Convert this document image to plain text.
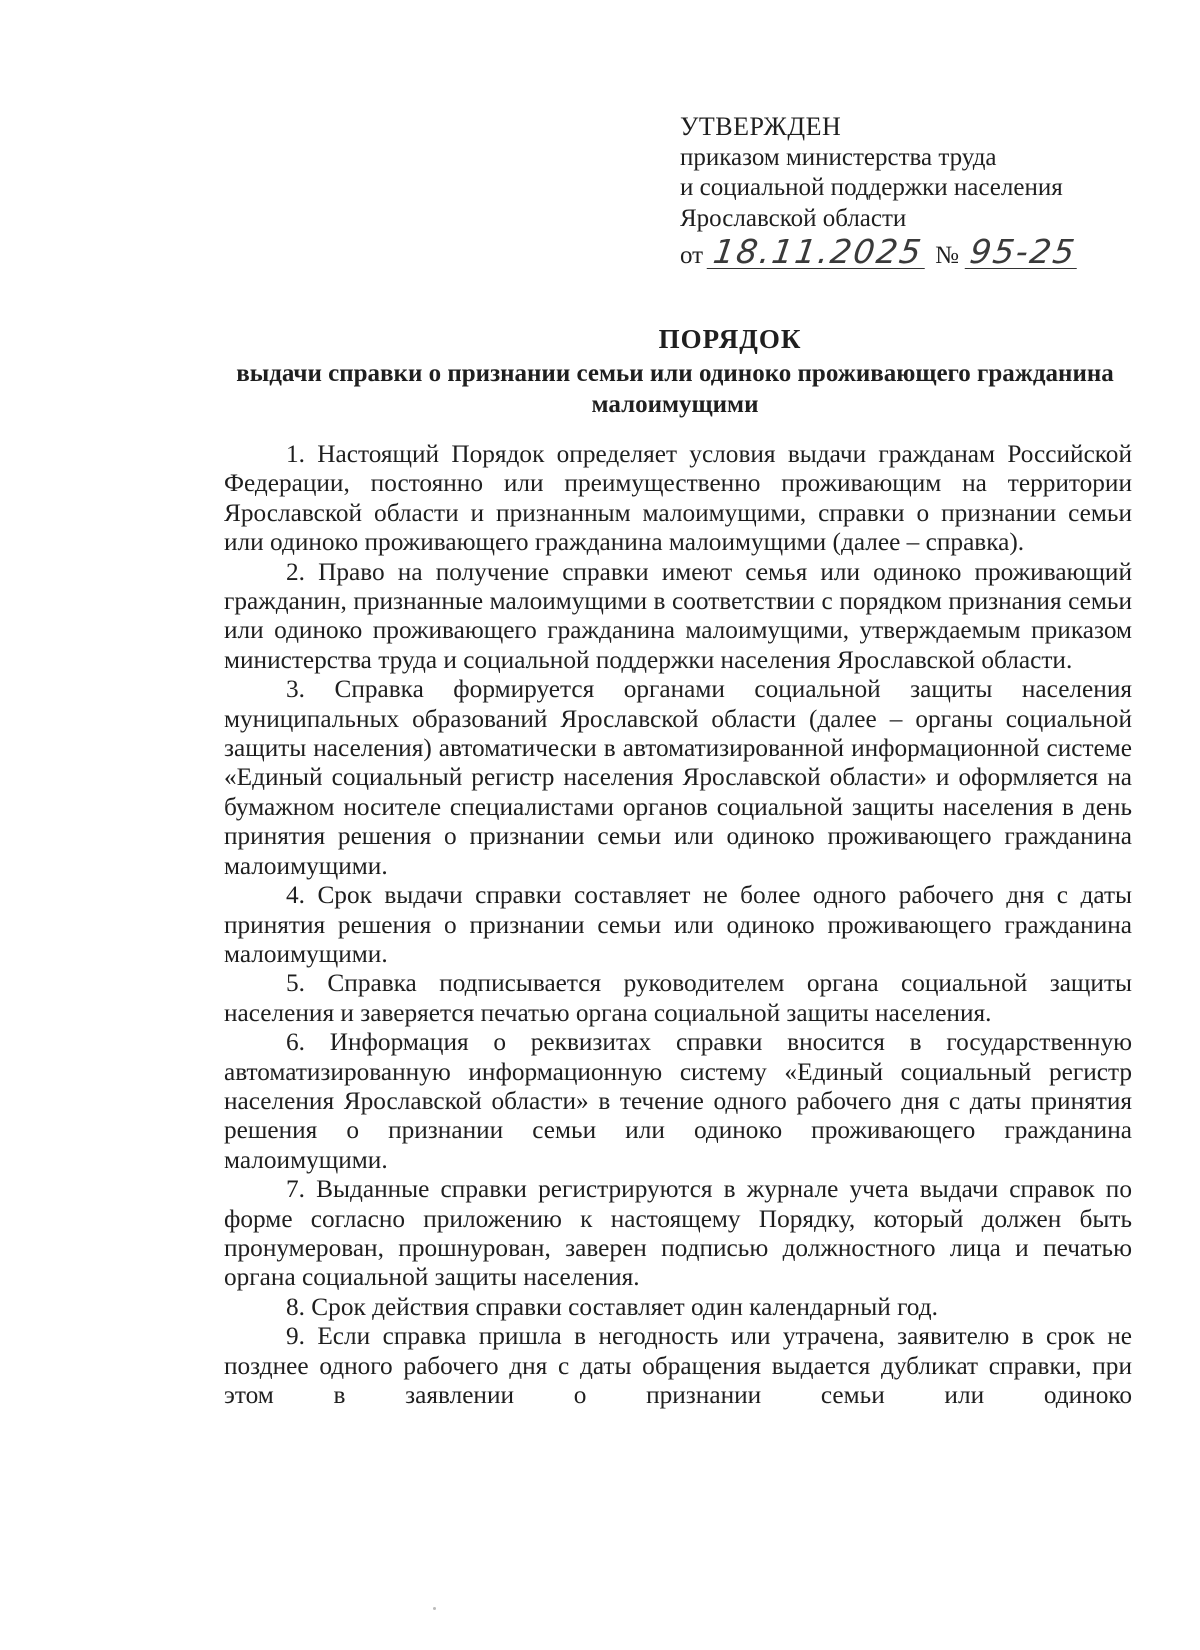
УТВЕРЖДЕН
приказом министерства труда
и социальной поддержки населения
Ярославской области
от 18.11.2025 № 95-25
ПОРЯДОК
выдачи справки о признании семьи или одиноко проживающего гражданина малоимущими

1. Настоящий Порядок определяет условия выдачи гражданам Российской Федерации, постоянно или преимущественно проживающим на территории Ярославской области и признанным малоимущими, справки о признании семьи или одиноко проживающего гражданина малоимущими (далее – справка).

2. Право на получение справки имеют семья или одиноко проживающий гражданин, признанные малоимущими в соответствии с порядком признания семьи или одиноко проживающего гражданина малоимущими, утверждаемым приказом министерства труда и социальной поддержки населения Ярославской области.

3. Справка формируется органами социальной защиты населения муниципальных образований Ярославской области (далее – органы социальной защиты населения) автоматически в автоматизированной информационной системе «Единый социальный регистр населения Ярославской области» и оформляется на бумажном носителе специалистами органов социальной защиты населения в день принятия решения о признании семьи или одиноко проживающего гражданина малоимущими.

4. Срок выдачи справки составляет не более одного рабочего дня с даты принятия решения о признании семьи или одиноко проживающего гражданина малоимущими.

5. Справка подписывается руководителем органа социальной защиты населения и заверяется печатью органа социальной защиты населения.

6. Информация о реквизитах справки вносится в государственную автоматизированную информационную систему «Единый социальный регистр населения Ярославской области» в течение одного рабочего дня с даты принятия решения о признании семьи или одиноко проживающего гражданина малоимущими.

7. Выданные справки регистрируются в журнале учета выдачи справок по форме согласно приложению к настоящему Порядку, который должен быть пронумерован, прошнурован, заверен подписью должностного лица и печатью органа социальной защиты населения.

8. Срок действия справки составляет один календарный год.

9. Если справка пришла в негодность или утрачена, заявителю в срок не позднее одного рабочего дня с даты обращения выдается дубликат справки, при этом в заявлении о признании семьи или одиноко
